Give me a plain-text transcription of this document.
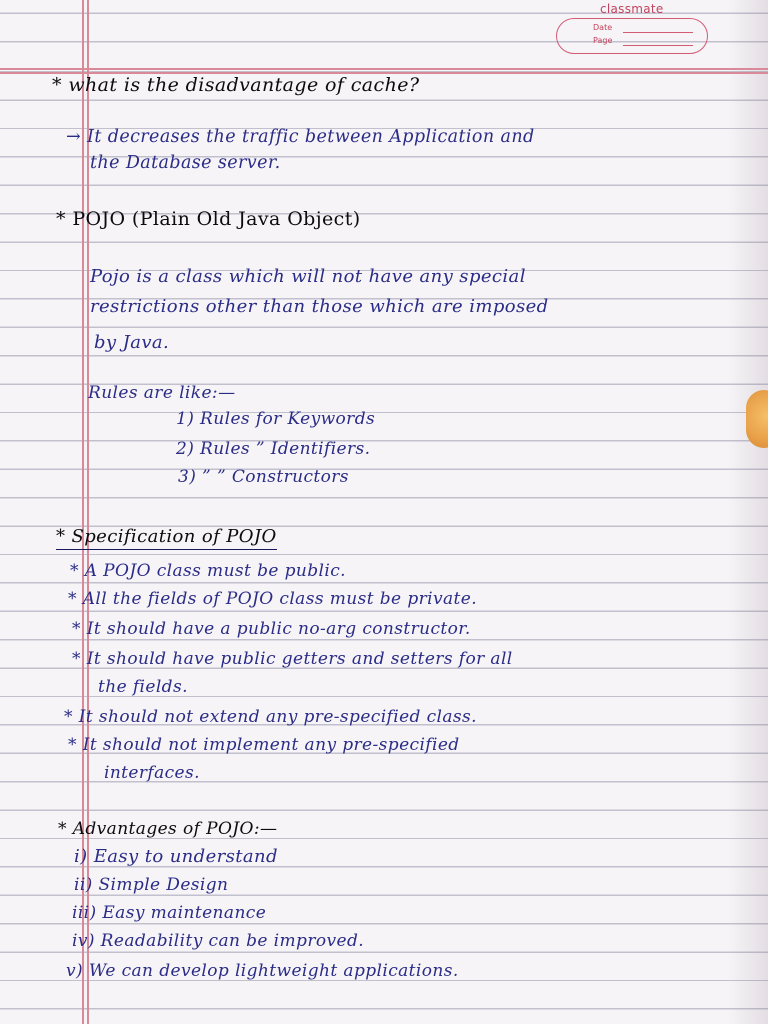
classmate
Date
Page
* what is the disadvantage of cache?
→ It decreases the traffic between Application and
the Database server.
* POJO (Plain Old Java Object)
Pojo is a class which will not have any special
restrictions other than those which are imposed
by Java.
Rules are like:—
1) Rules for Keywords
2) Rules ” Identifiers.
3) ” ” Constructors
* Specification of POJO
* A POJO class must be public.
* All the fields of POJO class must be private.
* It should have a public no-arg constructor.
* It should have public getters and setters for all
the fields.
* It should not extend any pre-specified class.
* It should not implement any pre-specified
interfaces.
* Advantages of POJO:—
i) Easy to understand
ii) Simple Design
iii) Easy maintenance
iv) Readability can be improved.
v) We can develop lightweight applications.
